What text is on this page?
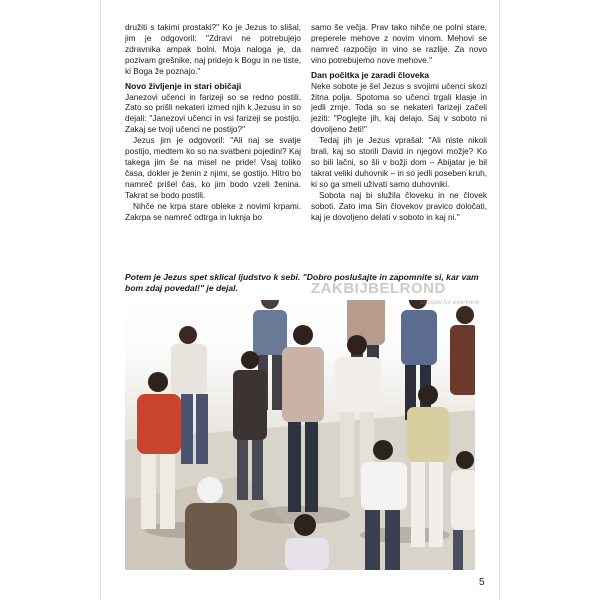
družiti s takimi prostaki?" Ko je Jezus to slišal, jim je odgovoril: "Zdravi ne potrebujejo zdravnika ampak bolni. Moja naloga je, da pozivam grešnike, naj pridejo k Bogu in ne tiste, ki Boga že poznajo."

Novo življenje in stari običaji

Janezovi učenci in farizeji so se redno postili. Zato so prišli nekateri izmed njih k Jezusu in so dejali: "Janezovi učenci in vsi farizeji se postijo. Zakaj se tvoji učenci ne postijo?"

Jezus jim je odgovoril: "Ali naj se svatje postijo, medtem ko so na svatbeni pojedini? Kaj takega jim še na misel ne pride! Vsaj toliko časa, dokler je ženin z njimi, se gostijo. Hitro bo namreč prišel čas, ko jim bodo vzeli ženina. Takrat se bodo postili.

Nihče ne krpa stare obleke z novimi krpami. Zakrpa se namreč odtrga in luknja bo

samo še večja. Prav tako nihče ne polni stare, preperele mehove z novim vinom. Mehovi se namreč razpočijo in vino se razlije. Za novo vino potrebujemo nove mehove."

Dan počitka je zaradi človeka

Neke sobote je šel Jezus s svojimi učenci skozi žitna polja. Spotoma so učenci trgali klasje in jedli zrnje. Toda so se nekateri farizeji začeli jeziti: "Poglejte jih, kaj delajo. Saj v soboto ni dovoljeno žeti!"

Tedaj jih je Jezus vprašal: "Ali niste nikoli brali, kaj so storili David in njegovi možje? Ko so bili lačni, so šli v božji dom – Abijatar je bil takrat veliki duhovnik – in so jedli poseben kruh, ki so ga smeli uživati samo duhovniki.

Sobota naj bi služila človeku in ne človek soboti. Zato ima Sin človekov pravico določati, kaj je dovoljeno delati v soboto in kaj ni."

Potem je Jezus spet sklical ljudstvo k sebi. "Dobro poslušajte in zapomnite si, kar vam bom zdaj povedal!" je dejal.	ZAKBIJBELROND
Gospel for everyone
5
